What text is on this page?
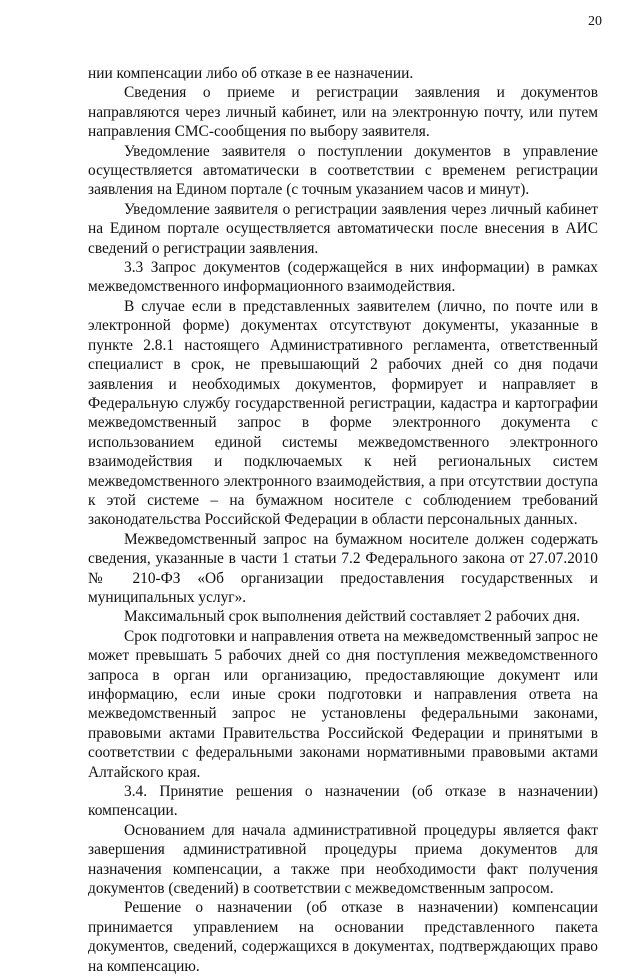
20

нии компенсации либо об отказе в ее назначении.

Сведения о приеме и регистрации заявления и документов направляются через личный кабинет, или на электронную почту, или путем направления СМС-сообщения по выбору заявителя.

Уведомление заявителя о поступлении документов в управление осуществляется автоматически в соответствии с временем регистрации заявления на Едином портале (с точным указанием часов и минут).

Уведомление заявителя о регистрации заявления через личный кабинет на Едином портале осуществляется автоматически после внесения в АИС сведений о регистрации заявления.

3.3 Запрос документов (содержащейся в них информации) в рамках межведомственного информационного взаимодействия.

В случае если в представленных заявителем (лично, по почте или в электронной форме) документах отсутствуют документы, указанные в пункте 2.8.1 настоящего Административного регламента, ответственный специалист в срок, не превышающий 2 рабочих дней со дня подачи заявления и необходимых документов, формирует и направляет в Федеральную службу государственной регистрации, кадастра и картографии межведомственный запрос в форме электронного документа с использованием единой системы межведомственного электронного взаимодействия и подключаемых к ней региональных систем межведомственного электронного взаимодействия, а при отсутствии доступа к этой системе – на бумажном носителе с соблюдением требований законодательства Российской Федерации в области персональных данных.

Межведомственный запрос на бумажном носителе должен содержать сведения, указанные в части 1 статьи 7.2 Федерального закона от 27.07.2010 № 210-ФЗ «Об организации предоставления государственных и муниципальных услуг».

Максимальный срок выполнения действий составляет 2 рабочих дня.

Срок подготовки и направления ответа на межведомственный запрос не может превышать 5 рабочих дней со дня поступления межведомственного запроса в орган или организацию, предоставляющие документ или информацию, если иные сроки подготовки и направления ответа на межведомственный запрос не установлены федеральными законами, правовыми актами Правительства Российской Федерации и принятыми в соответствии с федеральными законами нормативными правовыми актами Алтайского края.

3.4. Принятие решения о назначении (об отказе в назначении) компенсации.

Основанием для начала административной процедуры является факт завершения административной процедуры приема документов для назначения компенсации, а также при необходимости факт получения документов (сведений) в соответствии с межведомственным запросом.

Решение о назначении (об отказе в назначении) компенсации принимается управлением на основании представленного пакета документов, сведений, содержащихся в документах, подтверждающих право на компенсацию.
